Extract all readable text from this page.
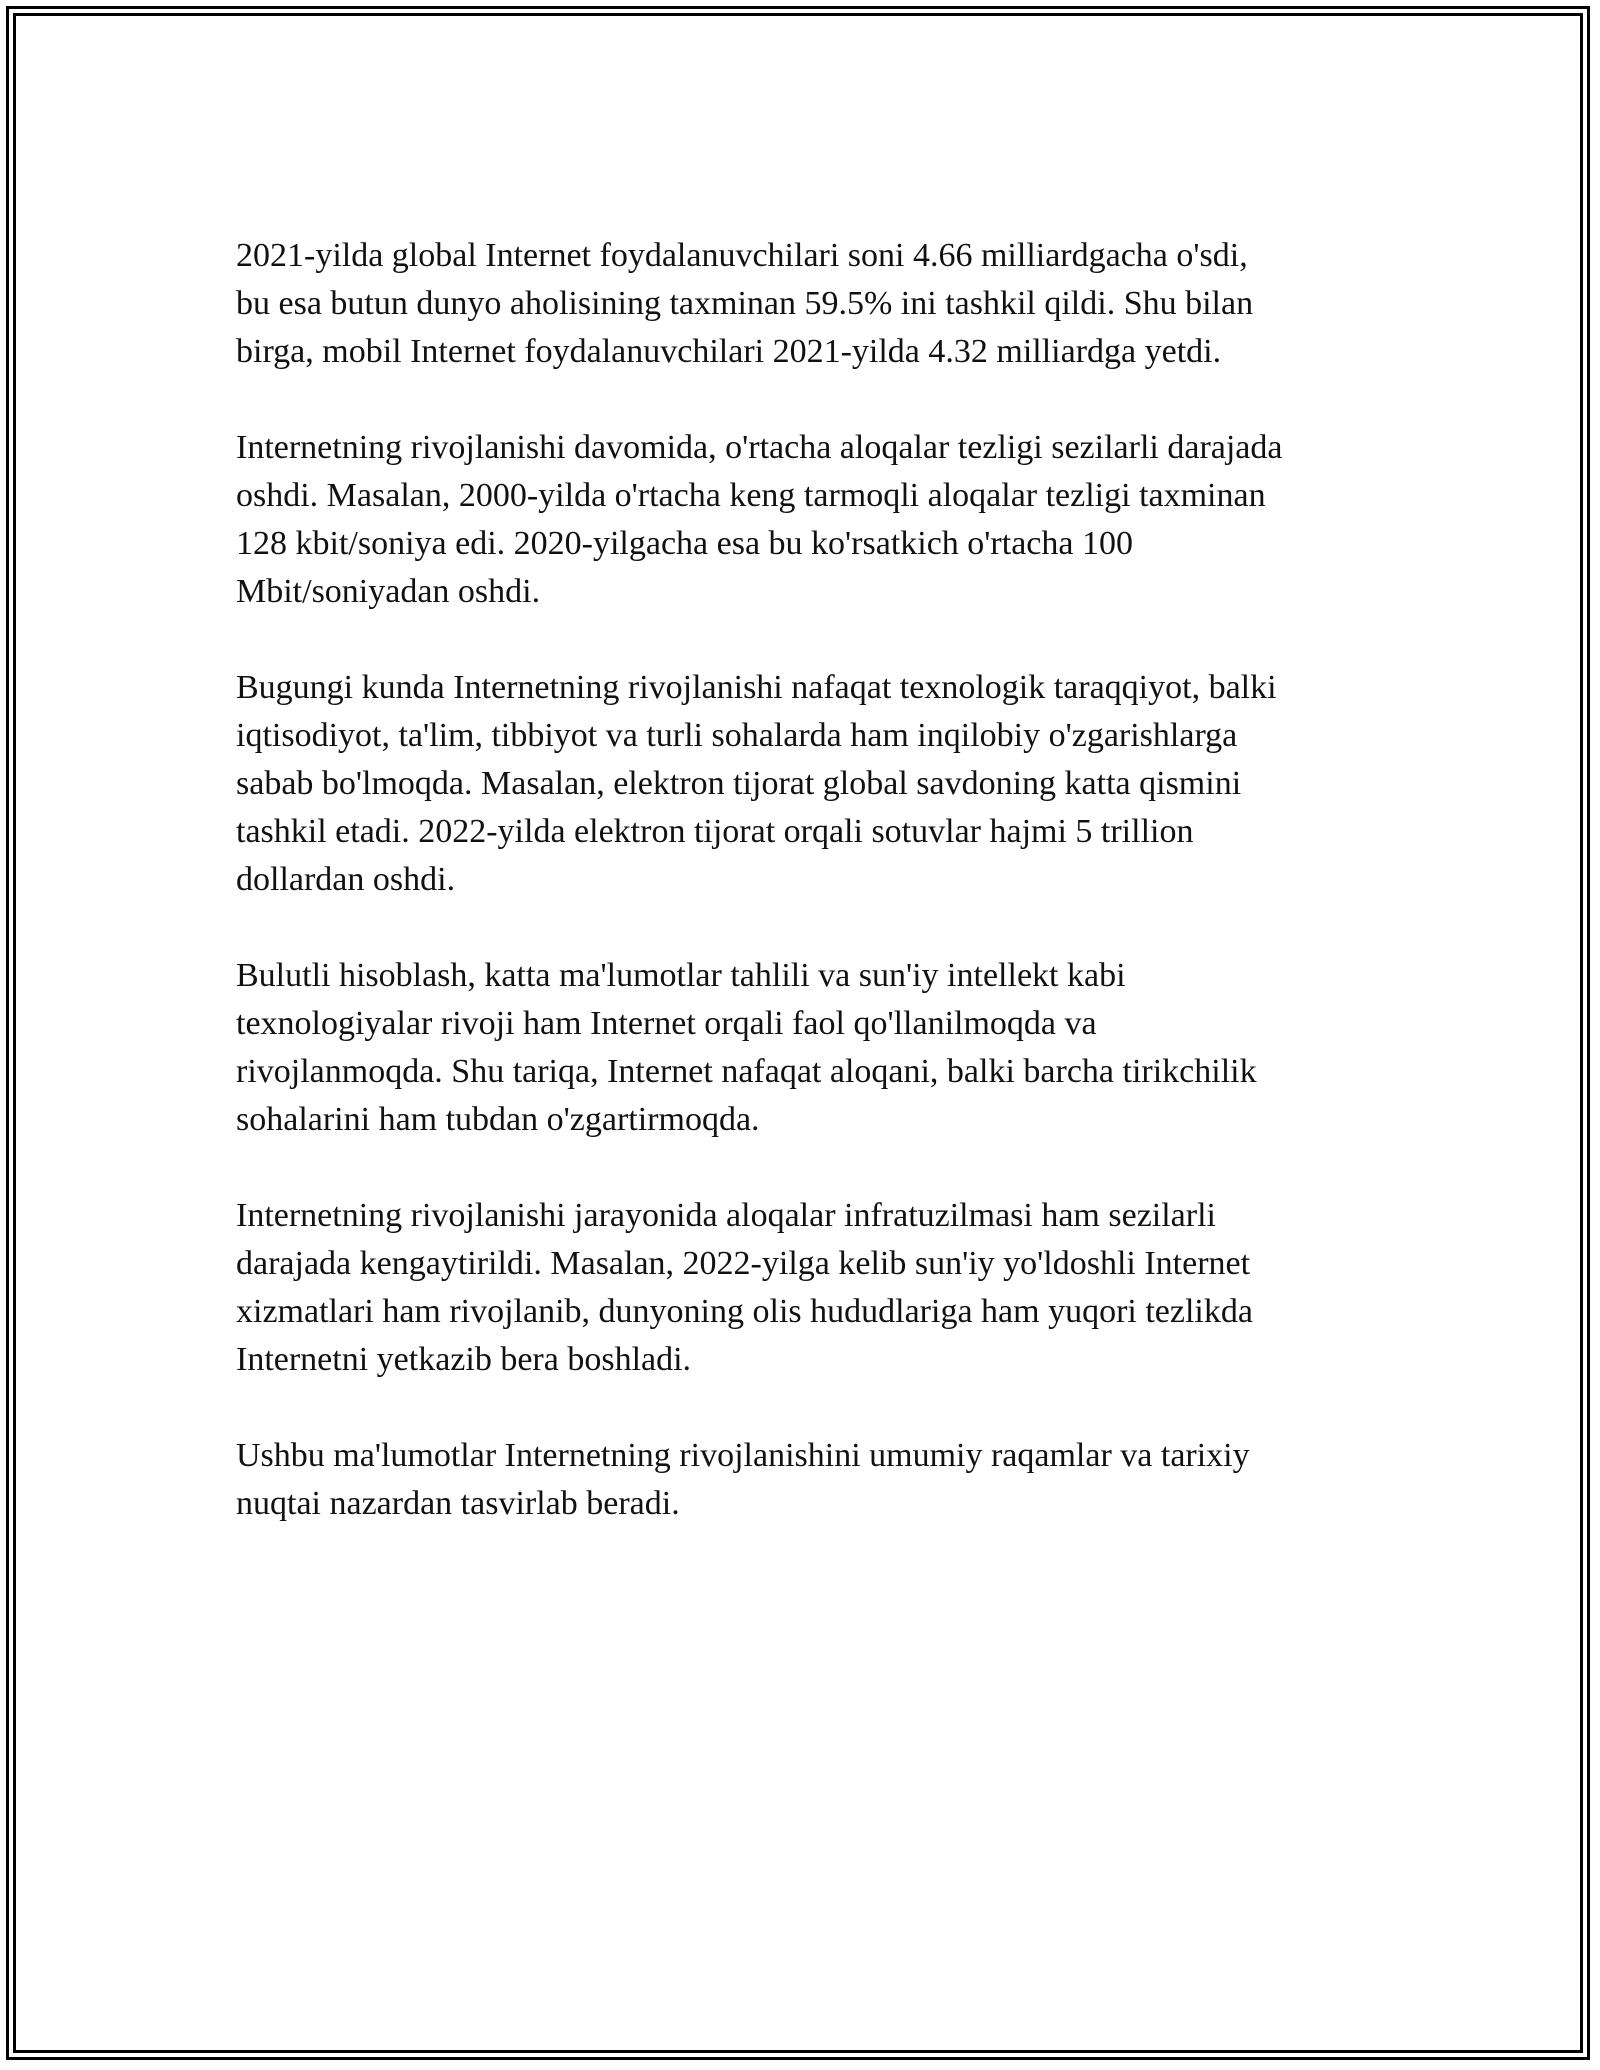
2021-yilda global Internet foydalanuvchilari soni 4.66 milliardgacha o'sdi,
bu esa butun dunyo aholisining taxminan 59.5% ini tashkil qildi. Shu bilan
birga, mobil Internet foydalanuvchilari 2021-yilda 4.32 milliardga yetdi.

Internetning rivojlanishi davomida, o'rtacha aloqalar tezligi sezilarli darajada
oshdi. Masalan, 2000-yilda o'rtacha keng tarmoqli aloqalar tezligi taxminan
128 kbit/soniya edi. 2020-yilgacha esa bu ko'rsatkich o'rtacha 100
Mbit/soniyadan oshdi.

Bugungi kunda Internetning rivojlanishi nafaqat texnologik taraqqiyot, balki
iqtisodiyot, ta'lim, tibbiyot va turli sohalarda ham inqilobiy o'zgarishlarga
sabab bo'lmoqda. Masalan, elektron tijorat global savdoning katta qismini
tashkil etadi. 2022-yilda elektron tijorat orqali sotuvlar hajmi 5 trillion
dollardan oshdi.

Bulutli hisoblash, katta ma'lumotlar tahlili va sun'iy intellekt kabi
texnologiyalar rivoji ham Internet orqali faol qo'llanilmoqda va
rivojlanmoqda. Shu tariqa, Internet nafaqat aloqani, balki barcha tirikchilik
sohalarini ham tubdan o'zgartirmoqda.

Internetning rivojlanishi jarayonida aloqalar infratuzilmasi ham sezilarli
darajada kengaytirildi. Masalan, 2022-yilga kelib sun'iy yo'ldoshli Internet
xizmatlari ham rivojlanib, dunyoning olis hududlariga ham yuqori tezlikda
Internetni yetkazib bera boshladi.

Ushbu ma'lumotlar Internetning rivojlanishini umumiy raqamlar va tarixiy
nuqtai nazardan tasvirlab beradi.
